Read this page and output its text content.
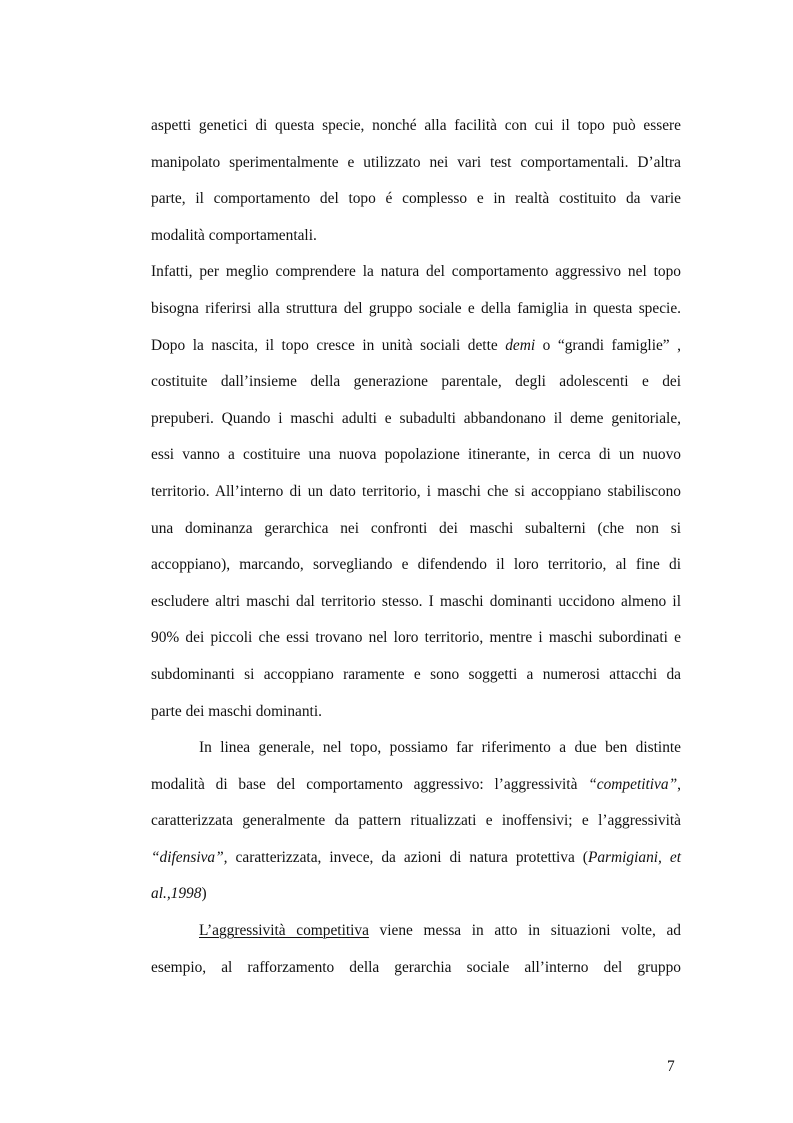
aspetti genetici di questa specie, nonché alla facilità con cui il topo può essere
manipolato sperimentalmente e utilizzato nei vari test comportamentali. D’altra
parte, il comportamento del topo é complesso e in realtà costituito da varie
modalità comportamentali.
Infatti, per meglio comprendere la natura del comportamento aggressivo nel topo
bisogna riferirsi alla struttura del gruppo sociale e della famiglia in questa specie.
Dopo la nascita, il topo cresce in unità sociali dette demi o “grandi famiglie” ,
costituite dall’insieme della generazione parentale, degli adolescenti e dei
prepuberi. Quando i maschi adulti e subadulti abbandonano il deme genitoriale,
essi vanno a costituire una nuova popolazione itinerante, in cerca di un nuovo
territorio. All’interno di un dato territorio, i maschi che si accoppiano stabiliscono
una dominanza gerarchica nei confronti dei maschi subalterni (che non si
accoppiano), marcando, sorvegliando e difendendo il loro territorio, al fine di
escludere altri maschi dal territorio stesso. I maschi dominanti uccidono almeno il
90% dei piccoli che essi trovano nel loro territorio, mentre i maschi subordinati e
subdominanti si accoppiano raramente e sono soggetti a numerosi attacchi da
parte dei maschi dominanti.
In linea generale, nel topo, possiamo far riferimento a due ben distinte
modalità di base del comportamento aggressivo: l’aggressività “competitiva”,
caratterizzata generalmente da pattern ritualizzati e inoffensivi; e l’aggressività
“difensiva”, caratterizzata, invece, da azioni di natura protettiva (Parmigiani, et
al.,1998)
L’aggressività competitiva viene messa in atto in situazioni volte, ad
esempio, al rafforzamento della gerarchia sociale all’interno del gruppo
7
